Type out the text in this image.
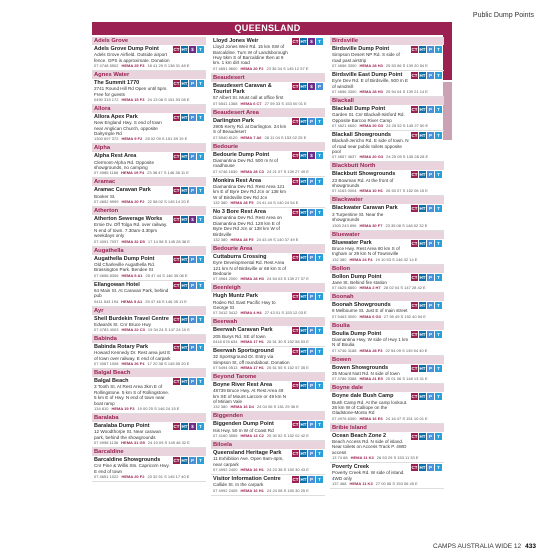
Public Dump Points
QUEENSLAND
Adels Grove
Adels Grove Dump Point
Adels Grove Airfield. Outside airport fence. GPS is approximate. Donation
07 4748 5502 HEMA 25 F3 18 41 29 S 138 31 48 E
CT HT $	T
Agnes Water
The Summit 1770
2741 Round Hill Rd Open until 5pm. Free for guests
0490 315 172 HEMA 15 F3 24 13 08 S 151 53 08 E
CT HT P	T
Allora
Allora Apex Park
New England Hwy. S end of town near Anglican Church, opposite Dalrymple Rd
1300 697 372 HEMA 9 F2 28 02 09 S 151 59 19 E
CT HT P	T
Alpha
Alpha Rest Area
Clermont-Alpha Rd. Opposite showgrounds, no camping
07 4985 1166 HEMA 19 F4 23 38 47 S 146 38 11 E
CT HT P	T
Aramac
Aramac Caravan Park
Booker St.
07 4652 9999 HEMA 20 F2 22 58 02 S 145 14 20 E
CT HT P	T
Atherton
Atherton Sewerage Works
Ernie Dv. Off Tolga Rd. over railway. N end of town. 7.30am-3.30pm weekdays only
07 4091 7937 HEMA 32 D5 17 14 58 S 145 28 38 E
CT HT $	T
Augathella
Augathella Dump Point
Old Charleville Augathella Rd. Brassington Park. Bendee St
07 4656 8306 HEMA 5 A1 25 47 44 S 146 35 08 E
CT HT P	T
Ellangowan Hotel
64 Main St. At Caravan Park, behind pub
0411 543 194 HEMA 5 A1 25 47 46 S 146 35 11 E
CT HT P	T
Ayr
Shell Burdekin Travel Centre
Edwards St. Cnr Bruce Hwy
07 4783 4003 HEMA 22 C3 19 34 24 S 147 24 10 E
CT HT P	T
Babinda
Babinda Rotary Park
Howard Kennedy Dr. Rest area just E of town over railway. E end of carpark
07 4067 1008 HEMA 26 F4 17 20 38 S 145 55 20 E
CT HT P	T
Balgal Beach
Balgal Beach
3 Tooth St. At Rest Area 3km E of Rollingstone. 5 km S of Rollingstone. 5 km E of Hwy. N end of town near boat ramp
134 810 HEMA 19 F3 19 00 25 S 146 24 15 E
CT HT P	T
Baralaba
Baralaba Dump Point
12 Woodthorpe St. Near caravan park, behind the showgrounds
07 4998 1136 HEMA 31 G5 24 10 09 S 149 48 32 E
CT HT $	T
Barcaldine
Barcaldine Showgrounds
Cnr Pine & Willis Sts. Capricorn Hwy. E end of town
07 4651 1022 HEMA 20 F2 23 32 51 S 145 17 40 E
CT HT P	T
Lloyd Jones Weir
Lloyd Jones Weir Rd. 15 km SW of Barcaldine. Turn W of Landsborough Hwy 5km S of Barcaldine then at 9 km. 1 km dirt road
07 4651 5600 HEMA 20 F2 23 36 34 S 145 12 57 E
CT HT $	T
Beaudesert
Beaudesert Caravan & Tourist Park
57 Albert St. Must call at office first
07 5541 1368 HEMA 6 C7 27 59 33 S 153 00 01 E
CT HT $	P
Beaudesert Area
Darlington Park
2905 Kerry Rd. at Darlington. 24 km S of Beaudesert
07 5540 8120 HEMA 7 A6 28 11 04 S 153 02 25 E
CT HT P	T
Bedourie
Bedourie Dump Point
Diamantina Dev Rd. 500 m N of roadhouse
07 4746 1630 HEMA 28 C3 24 21 07 S 139 27 49 E
CT HT $	T
Monkira Rest Area
Diamantina Dev Rd. Rest Area 121 km E of Byre Dev Rd Jcn or 138 km W of Birdsville Dev Rd Jcn
132 380 HEMA 28 F5 24 41 44 S 140 24 54 E
CT HT P	T
No 3 Bore Rest Area
Diamantina Dev Rd. Rest Area on Diamantina Dev Rd. 128 km E of Byre Dev Rd Jcn or 138 km W of Birdsville
132 380 HEMA 28 F5 24 43 49 S 140 37 49 E
CT HT P	T
Bedourie Area
Cuttaburra Crossing
Eyre Developmental Rd. Rest Area 121 km N of Birdsville or 68 km S of Bedourie
07 4964 2000 HEMA 28 H3 24 54 03 S 139 27 07 E
CT HT P	T
Beenleigh
Hugh Muntz Park
Rodeo Rd. East Pacific Hwy to George St
07 3412 3412 HEMA 4 H4 27 43 01 S 153 12 03 E
CT HT P	T
Beerwah
Beerwah Caravan Park
205 Burys Rd. SE of town
0416 678 634 HEMA 17 H1 26 51 30 S 152 58 53 E
CT HT P	T
Beerwah Sportsground
32 Sportsground Dr. Entry via Simpson St, off roundabout. Donation
07 5494 0513 HEMA 17 H1 26 51 55 S 152 57 35 E
CT HT P	T
Beyond Tarome
Boyne River Rest Area
48739 Bruce Hwy. At Rest Area 49 km SE of Mount Larcom or 49 km N of Miriam Vale
132 380 HEMA 16 D4 24 04 06 S 151 29 36 E
CT HT P	T
Biggenden
Biggenden Dump Point
Isis Hwy. 50 m W of Coast Rd
07 4160 3555 HEMA 13 C2 25 30 52 S 152 02 42 E
CT HT P	T
Biloela
Queensland Heritage Park
11 Exhibition Ave. Open 9am-4pm, near carpark
07 4992 2400 HEMA 16 H1 24 23 38 S 150 30 43 E
CT HT P	T
Visitor Information Centre
Callide St. In the carpark
07 4992 2405 HEMA 16 H1 24 24 08 S 150 30 25 E
CT HT P	T
Birdsville
Birdsville Dump Point
Simpson Desert NP Rd. S side of road past airstrip
07 4656 3300 HEMA 28 H3 25 53 56 S 139 20 54 E
CT HT P	T
Birdsville East Dump Point
Eyre Dev Rd. E of Birdsville, 500 m E of windmill
07 4656 3300 HEMA 28 H3 25 54 04 S 139 21 14 E
CT HT P	T
Blackall
Blackall Dump Point
Garden St. Cnr Blackall-Isisford Rd. Opposite Barcoo River Camp
07 4621 6600 HEMA 20 G3 24 25 52 S 145 27 50 E
CT HT P	T
Blackall Showgrounds
Blackall-Jericho Rd. E side of town. N of road near public toilets opposite pool
07 4657 4637 HEMA 20 G3 24 25 05 S 145 28 28 E
CT HT P	T
Blackbutt North
Blackbutt Showgrounds
23 Bowman Rd. At the front of showgrounds
07 4163 0004 HEMA 10 H1 26 53 07 S 152 06 15 E
CT HT P	T
Blackwater
Blackwater Caravan Park
3 Turpentine St. Near the showgrounds
1300 243 896 HEMA 30 F7 23 35 08 S 148 52 32 E
CT HT P	T
Bluewater
Bluewater Park
Bruce Hwy. Rest Area 80 km S of Ingham or 29 km N of Townsville
132 380 HEMA 24 F4 19 10 53 S 146 32 14 E
CT HT P	T
Bollon
Bollon Dump Point
Jane St. Behind fire station
07 4625 8800 HEMA 2 H7 28 02 04 S 147 28 42 E
CT HT P	T
Boonah
Boonah Showgrounds
8 Melbourne St. Just E of main street
07 5463 3000 HEMA 6 G3 27 59 49 S 152 40 54 E
CT HT P	T
Boulia
Boulia Dump Point
Diamantina Hwy. W side of Hwy 1 km N of Boulia
07 4746 3188 HEMA 28 F3 22 54 09 S 139 54 40 E
CT HT P	T
Bowen
Bowen Showgrounds
25 Mount Nutt Rd. N side of town
07 4786 3388 HEMA 21 E5 20 01 06 S 148 13 31 E
CT HT P	T
Boyne dale
Boyne dale Bush Camp
Bush Camp Rd. At the camp lookout. 26 km W of Calliope on the Gladstone-Monto Rd
07 4976 6300 HEMA 16 E6 24 16 47 S 151 10 01 E
CT HT P	T
Bribie Island
Ocean Beach Zone 2
Beach Access Rd. N side of island. Near toilets on Access Track P. 4WD access
13 74 68 HEMA 11 K3 26 53 29 S 153 11 33 E
CT HT P	T
Poverty Creek
Poverty Creek Rd. W side of island. 4WD only
137 468 HEMA 11 K3 27 00 56 S 153 06 45 E
CT HT P	T
CAMPS AUSTRALIA WIDE 12 433
